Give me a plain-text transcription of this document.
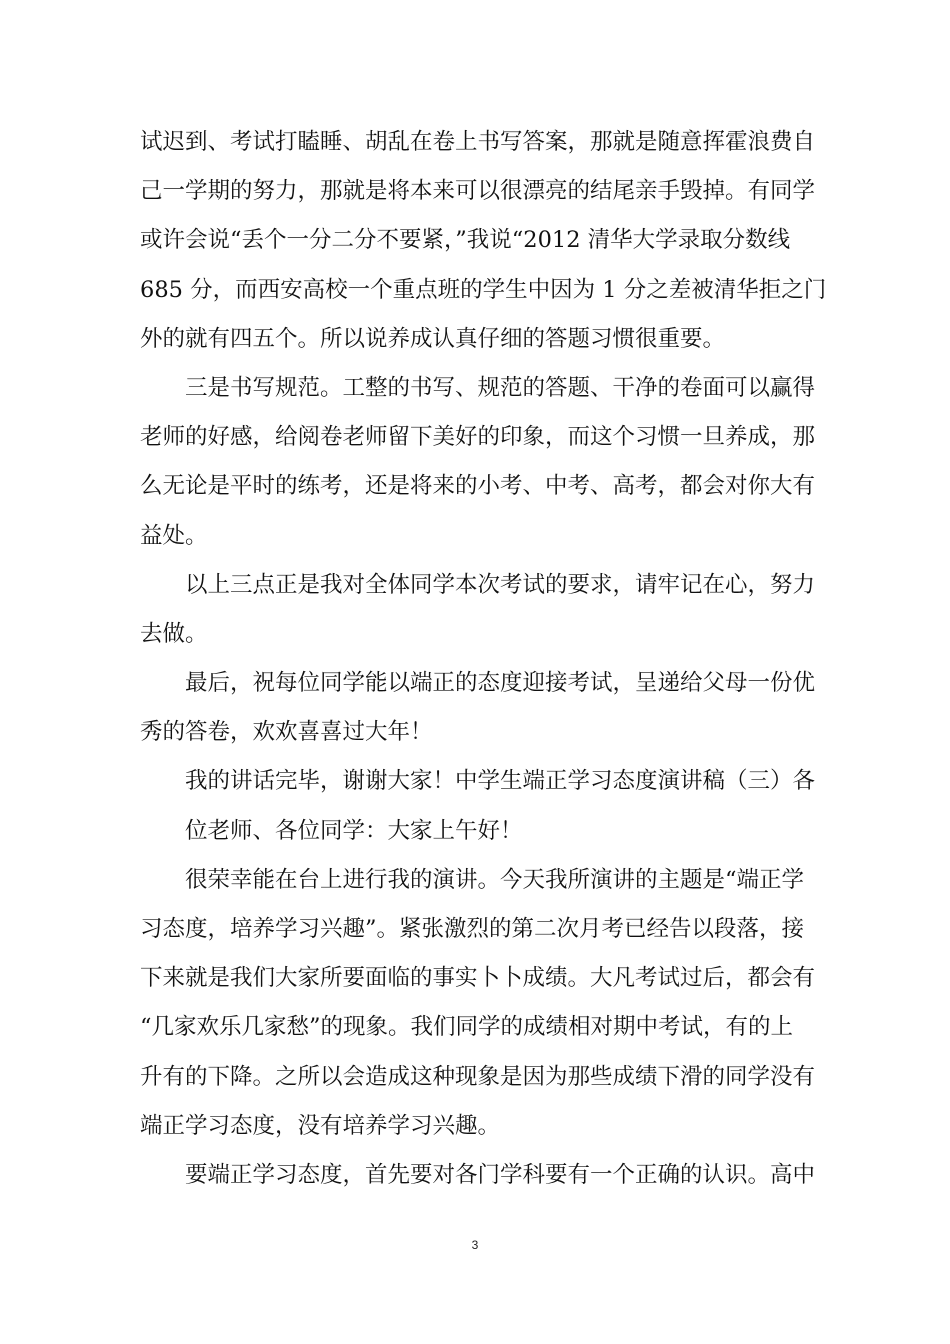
试迟到、考试打瞌睡、胡乱在卷上书写答案，那就是随意挥霍浪费自
己一学期的努力，那就是将本来可以很漂亮的结尾亲手毁掉。有同学
或许会说“丢个一分二分不要紧，”我说“2012 清华大学录取分数线
685 分，而西安高校一个重点班的学生中因为 1 分之差被清华拒之门
外的就有四五个。所以说养成认真仔细的答题习惯很重要。
三是书写规范。工整的书写、规范的答题、干净的卷面可以赢得
老师的好感，给阅卷老师留下美好的印象，而这个习惯一旦养成，那
么无论是平时的练考，还是将来的小考、中考、高考，都会对你大有
益处。
以上三点正是我对全体同学本次考试的要求，请牢记在心，努力
去做。
最后，祝每位同学能以端正的态度迎接考试，呈递给父母一份优
秀的答卷，欢欢喜喜过大年！
我的讲话完毕，谢谢大家！中学生端正学习态度演讲稿（三）各
位老师、各位同学：大家上午好！
很荣幸能在台上进行我的演讲。今天我所演讲的主题是“端正学
习态度，培养学习兴趣”。紧张激烈的第二次月考已经告以段落，接
下来就是我们大家所要面临的事实卜卜成绩。大凡考试过后，都会有
“几家欢乐几家愁”的现象。我们同学的成绩相对期中考试，有的上
升有的下降。之所以会造成这种现象是因为那些成绩下滑的同学没有
端正学习态度，没有培养学习兴趣。
要端正学习态度，首先要对各门学科要有一个正确的认识。高中
3
